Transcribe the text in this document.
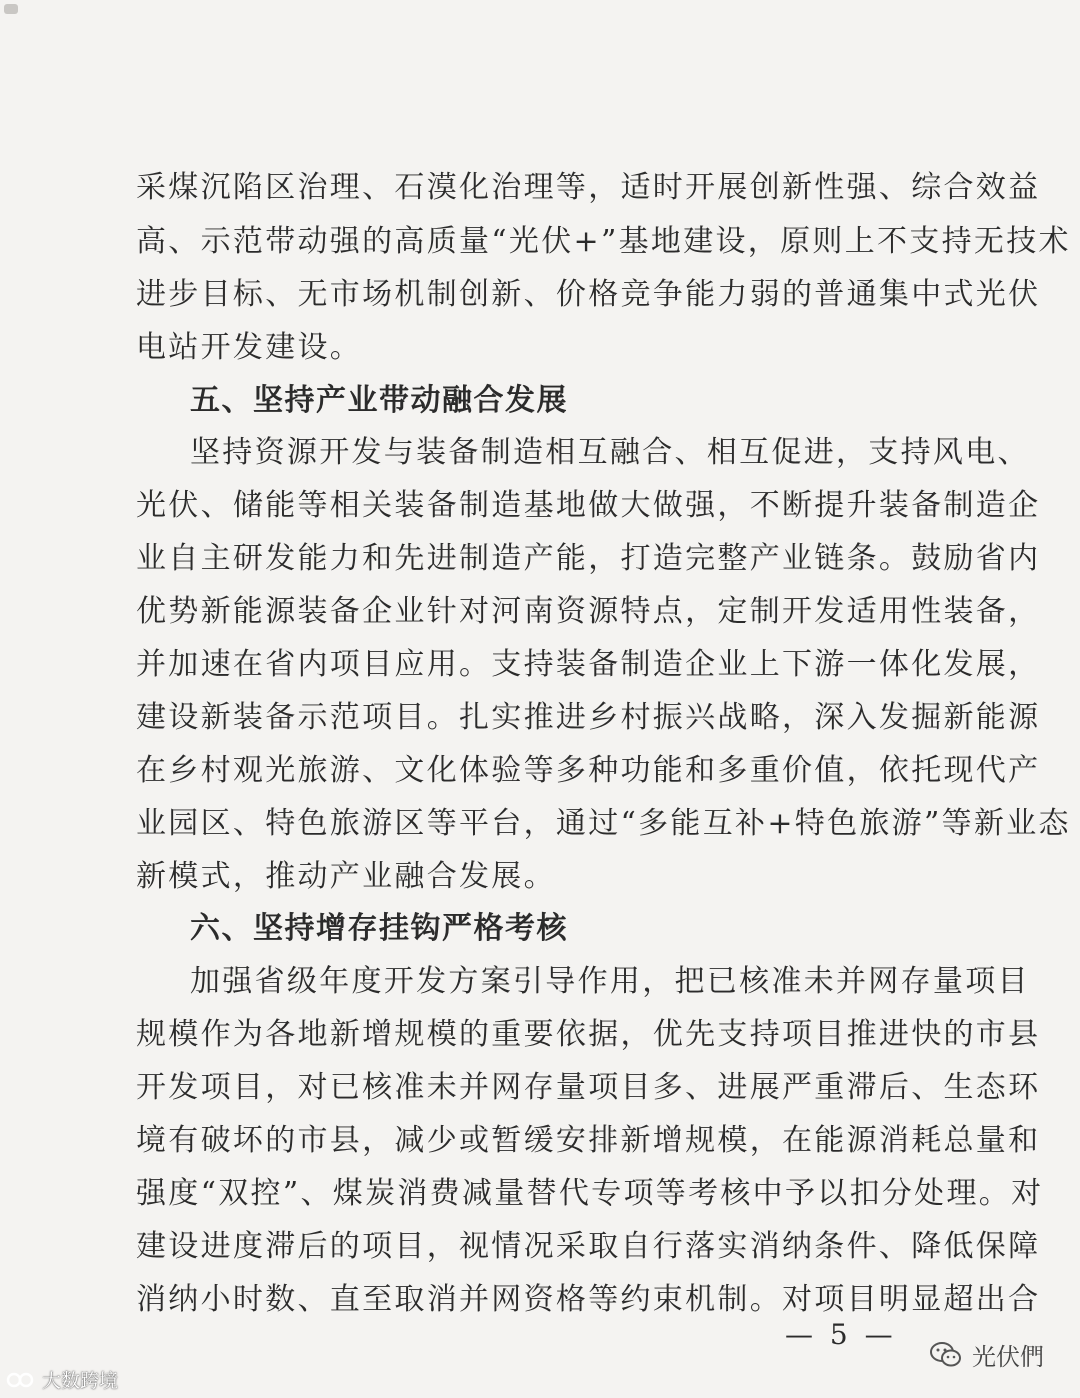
采煤沉陷区治理、石漠化治理等，适时开展创新性强、综合效益
高、示范带动强的高质量“光伏+”基地建设，原则上不支持无技术
进步目标、无市场机制创新、价格竞争能力弱的普通集中式光伏
电站开发建设。
五、坚持产业带动融合发展
坚持资源开发与装备制造相互融合、相互促进，支持风电、
光伏、储能等相关装备制造基地做大做强，不断提升装备制造企
业自主研发能力和先进制造产能，打造完整产业链条。鼓励省内
优势新能源装备企业针对河南资源特点，定制开发适用性装备，
并加速在省内项目应用。支持装备制造企业上下游一体化发展，
建设新装备示范项目。扎实推进乡村振兴战略，深入发掘新能源
在乡村观光旅游、文化体验等多种功能和多重价值，依托现代产
业园区、特色旅游区等平台，通过“多能互补+特色旅游”等新业态
新模式，推动产业融合发展。
六、坚持增存挂钩严格考核
加强省级年度开发方案引导作用，把已核准未并网存量项目
规模作为各地新增规模的重要依据，优先支持项目推进快的市县
开发项目，对已核准未并网存量项目多、进展严重滞后、生态环
境有破坏的市县，减少或暂缓安排新增规模，在能源消耗总量和
强度“双控”、煤炭消费减量替代专项等考核中予以扣分处理。对
建设进度滞后的项目，视情况采取自行落实消纳条件、降低保障
消纳小时数、直至取消并网资格等约束机制。对项目明显超出合
— 5 —
大数跨境
光伏們
